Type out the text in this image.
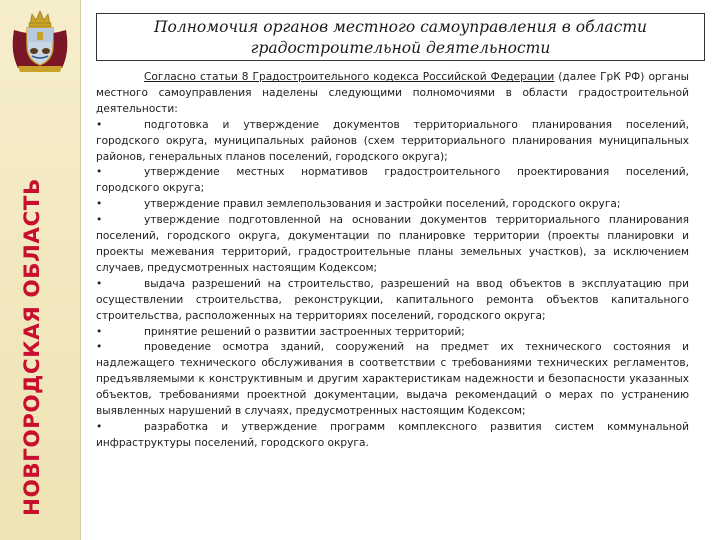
НОВГОРОДСКАЯ ОБЛАСТЬ
Полномочия органов местного самоуправления в области
градостроительной деятельности

Согласно статьи 8 Градостроительного кодекса Российской Федерации (далее ГрК РФ) органы местного самоуправления наделены следующими полномочиями в области градостроительной деятельности:

•	подготовка и утверждение документов территориального планирования поселений, городского округа, муниципальных районов (схем территориального планирования муниципальных районов, генеральных планов поселений, городского округа);

•	утверждение местных нормативов градостроительного проектирования поселений, городского округа;

•	утверждение правил землепользования и застройки поселений, городского округа;

•	утверждение подготовленной на основании документов территориального планирования поселений, городского округа, документации по планировке территории (проекты планировки и проекты межевания территорий, градостроительные планы земельных участков), за исключением случаев, предусмотренных настоящим Кодексом;

•	выдача разрешений на строительство, разрешений на ввод объектов в эксплуатацию при осуществлении строительства, реконструкции, капитального ремонта объектов капитального строительства, расположенных на территориях поселений, городского округа;

•	принятие решений о развитии застроенных территорий;

•	проведение осмотра зданий, сооружений на предмет их технического состояния и надлежащего технического обслуживания в соответствии с требованиями технических регламентов, предъявляемыми к конструктивным и другим характеристикам надежности и безопасности указанных объектов, требованиями проектной документации, выдача рекомендаций о мерах по устранению выявленных нарушений в случаях, предусмотренных настоящим Кодексом;

•	разработка и утверждение программ комплексного развития систем коммунальной инфраструктуры поселений, городского округа.
